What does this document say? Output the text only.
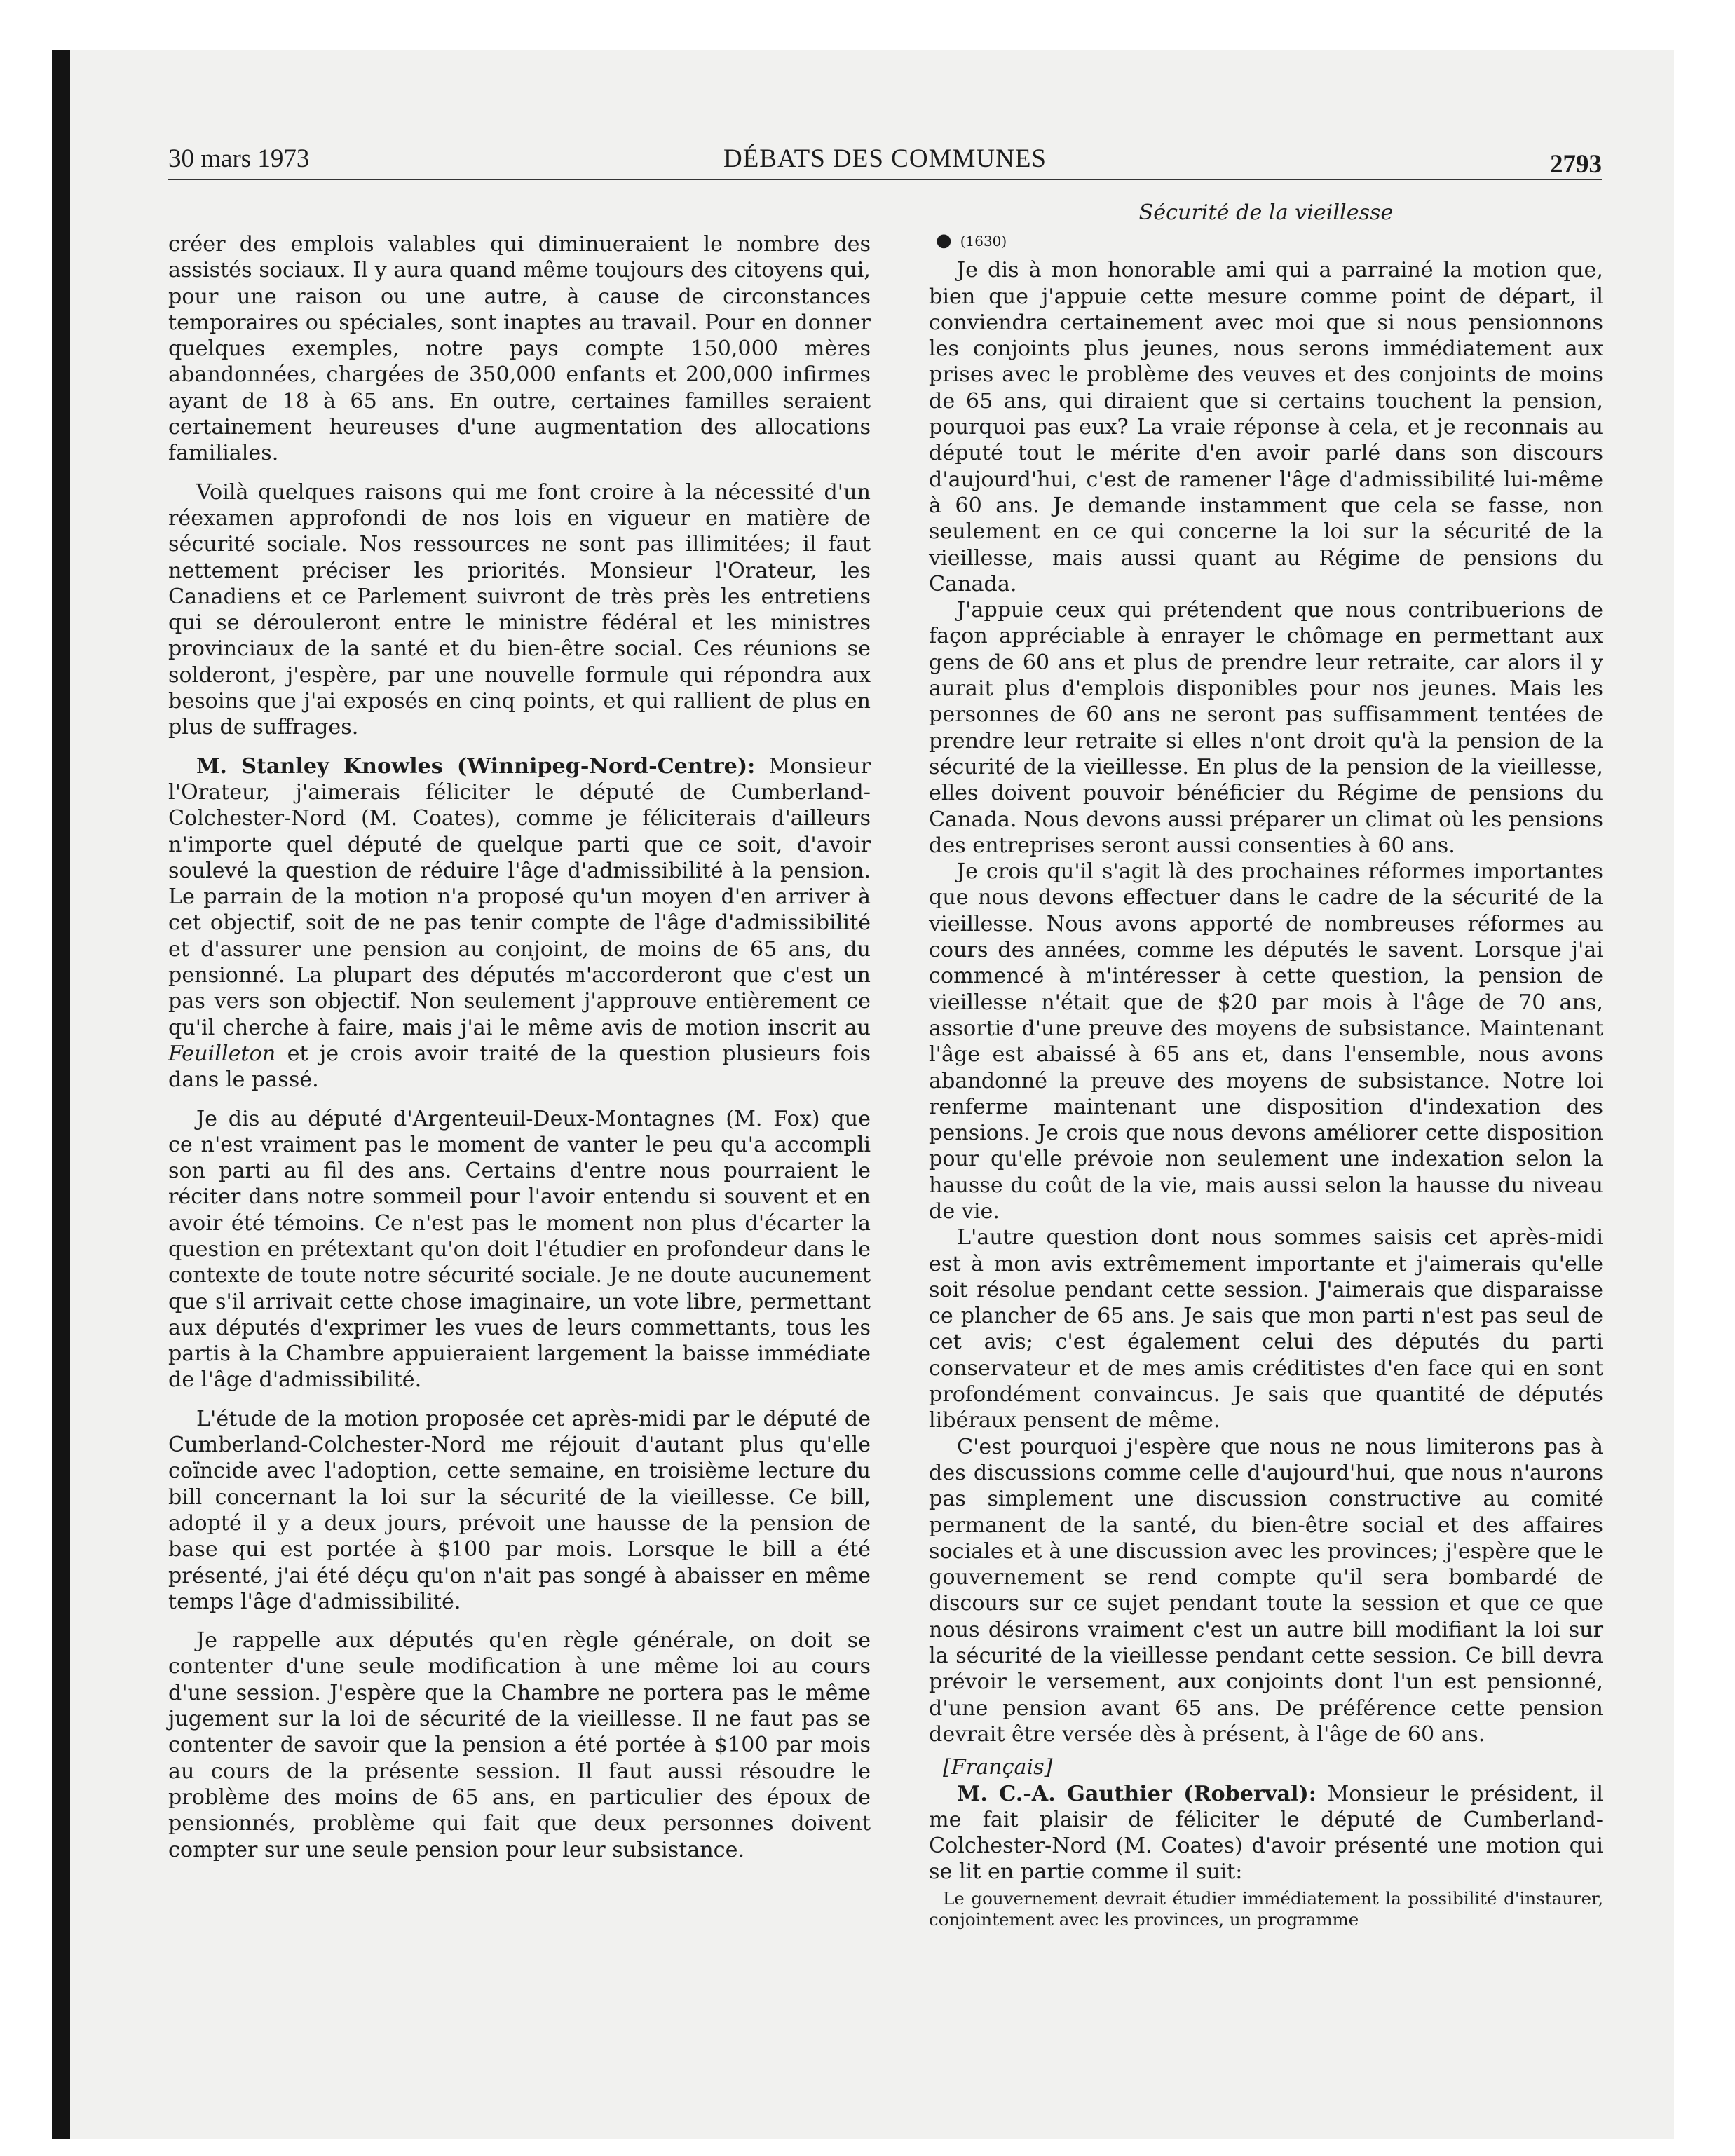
30 mars 1973	DÉBATS DES COMMUNES	2793

créer des emplois valables qui diminueraient le nombre des assistés sociaux. Il y aura quand même toujours des citoyens qui, pour une raison ou une autre, à cause de circonstances temporaires ou spéciales, sont inaptes au travail. Pour en donner quelques exemples, notre pays compte 150,000 mères abandonnées, chargées de 350,000 enfants et 200,000 infirmes ayant de 18 à 65 ans. En outre, certaines familles seraient certainement heureuses d'une augmentation des allocations familiales.

Voilà quelques raisons qui me font croire à la nécessité d'un réexamen approfondi de nos lois en vigueur en matière de sécurité sociale. Nos ressources ne sont pas illimitées; il faut nettement préciser les priorités. Monsieur l'Orateur, les Canadiens et ce Parlement suivront de très près les entretiens qui se dérouleront entre le ministre fédéral et les ministres provinciaux de la santé et du bien-être social. Ces réunions se solderont, j'espère, par une nouvelle formule qui répondra aux besoins que j'ai exposés en cinq points, et qui rallient de plus en plus de suffrages.

M. Stanley Knowles (Winnipeg-Nord-Centre): Monsieur l'Orateur, j'aimerais féliciter le député de Cumberland-Colchester-Nord (M. Coates), comme je féliciterais d'ailleurs n'importe quel député de quelque parti que ce soit, d'avoir soulevé la question de réduire l'âge d'admissibilité à la pension. Le parrain de la motion n'a proposé qu'un moyen d'en arriver à cet objectif, soit de ne pas tenir compte de l'âge d'admissibilité et d'assurer une pension au conjoint, de moins de 65 ans, du pensionné. La plupart des députés m'accorderont que c'est un pas vers son objectif. Non seulement j'approuve entièrement ce qu'il cherche à faire, mais j'ai le même avis de motion inscrit au Feuilleton et je crois avoir traité de la question plusieurs fois dans le passé.

Je dis au député d'Argenteuil-Deux-Montagnes (M. Fox) que ce n'est vraiment pas le moment de vanter le peu qu'a accompli son parti au fil des ans. Certains d'entre nous pourraient le réciter dans notre sommeil pour l'avoir entendu si souvent et en avoir été témoins. Ce n'est pas le moment non plus d'écarter la question en prétextant qu'on doit l'étudier en profondeur dans le contexte de toute notre sécurité sociale. Je ne doute aucunement que s'il arrivait cette chose imaginaire, un vote libre, permettant aux députés d'exprimer les vues de leurs commettants, tous les partis à la Chambre appuieraient largement la baisse immédiate de l'âge d'admissibilité.

L'étude de la motion proposée cet après-midi par le député de Cumberland-Colchester-Nord me réjouit d'autant plus qu'elle coïncide avec l'adoption, cette semaine, en troisième lecture du bill concernant la loi sur la sécurité de la vieillesse. Ce bill, adopté il y a deux jours, prévoit une hausse de la pension de base qui est portée à $100 par mois. Lorsque le bill a été présenté, j'ai été déçu qu'on n'ait pas songé à abaisser en même temps l'âge d'admissibilité.

Je rappelle aux députés qu'en règle générale, on doit se contenter d'une seule modification à une même loi au cours d'une session. J'espère que la Chambre ne portera pas le même jugement sur la loi de sécurité de la vieillesse. Il ne faut pas se contenter de savoir que la pension a été portée à $100 par mois au cours de la présente session. Il faut aussi résoudre le problème des moins de 65 ans, en particulier des époux de pensionnés, problème qui fait que deux personnes doivent compter sur une seule pension pour leur subsistance.

Sécurité de la vieillesse

● (1630)

Je dis à mon honorable ami qui a parrainé la motion que, bien que j'appuie cette mesure comme point de départ, il conviendra certainement avec moi que si nous pensionnons les conjoints plus jeunes, nous serons immédiatement aux prises avec le problème des veuves et des conjoints de moins de 65 ans, qui diraient que si certains touchent la pension, pourquoi pas eux? La vraie réponse à cela, et je reconnais au député tout le mérite d'en avoir parlé dans son discours d'aujourd'hui, c'est de ramener l'âge d'admissibilité lui-même à 60 ans. Je demande instamment que cela se fasse, non seulement en ce qui concerne la loi sur la sécurité de la vieillesse, mais aussi quant au Régime de pensions du Canada.

J'appuie ceux qui prétendent que nous contribuerions de façon appréciable à enrayer le chômage en permettant aux gens de 60 ans et plus de prendre leur retraite, car alors il y aurait plus d'emplois disponibles pour nos jeunes. Mais les personnes de 60 ans ne seront pas suffisamment tentées de prendre leur retraite si elles n'ont droit qu'à la pension de la sécurité de la vieillesse. En plus de la pension de la vieillesse, elles doivent pouvoir bénéficier du Régime de pensions du Canada. Nous devons aussi préparer un climat où les pensions des entreprises seront aussi consenties à 60 ans.

Je crois qu'il s'agit là des prochaines réformes importantes que nous devons effectuer dans le cadre de la sécurité de la vieillesse. Nous avons apporté de nombreuses réformes au cours des années, comme les députés le savent. Lorsque j'ai commencé à m'intéresser à cette question, la pension de vieillesse n'était que de $20 par mois à l'âge de 70 ans, assortie d'une preuve des moyens de subsistance. Maintenant l'âge est abaissé à 65 ans et, dans l'ensemble, nous avons abandonné la preuve des moyens de subsistance. Notre loi renferme maintenant une disposition d'indexation des pensions. Je crois que nous devons améliorer cette disposition pour qu'elle prévoie non seulement une indexation selon la hausse du coût de la vie, mais aussi selon la hausse du niveau de vie.

L'autre question dont nous sommes saisis cet après-midi est à mon avis extrêmement importante et j'aimerais qu'elle soit résolue pendant cette session. J'aimerais que disparaisse ce plancher de 65 ans. Je sais que mon parti n'est pas seul de cet avis; c'est également celui des députés du parti conservateur et de mes amis créditistes d'en face qui en sont profondément convaincus. Je sais que quantité de députés libéraux pensent de même.

C'est pourquoi j'espère que nous ne nous limiterons pas à des discussions comme celle d'aujourd'hui, que nous n'aurons pas simplement une discussion constructive au comité permanent de la santé, du bien-être social et des affaires sociales et à une discussion avec les provinces; j'espère que le gouvernement se rend compte qu'il sera bombardé de discours sur ce sujet pendant toute la session et que ce que nous désirons vraiment c'est un autre bill modifiant la loi sur la sécurité de la vieillesse pendant cette session. Ce bill devra prévoir le versement, aux conjoints dont l'un est pensionné, d'une pension avant 65 ans. De préférence cette pension devrait être versée dès à présent, à l'âge de 60 ans.

[Français]

M. C.-A. Gauthier (Roberval): Monsieur le président, il me fait plaisir de féliciter le député de Cumberland-Colchester-Nord (M. Coates) d'avoir présenté une motion qui se lit en partie comme il suit:

Le gouvernement devrait étudier immédiatement la possibilité d'instaurer, conjointement avec les provinces, un programme
